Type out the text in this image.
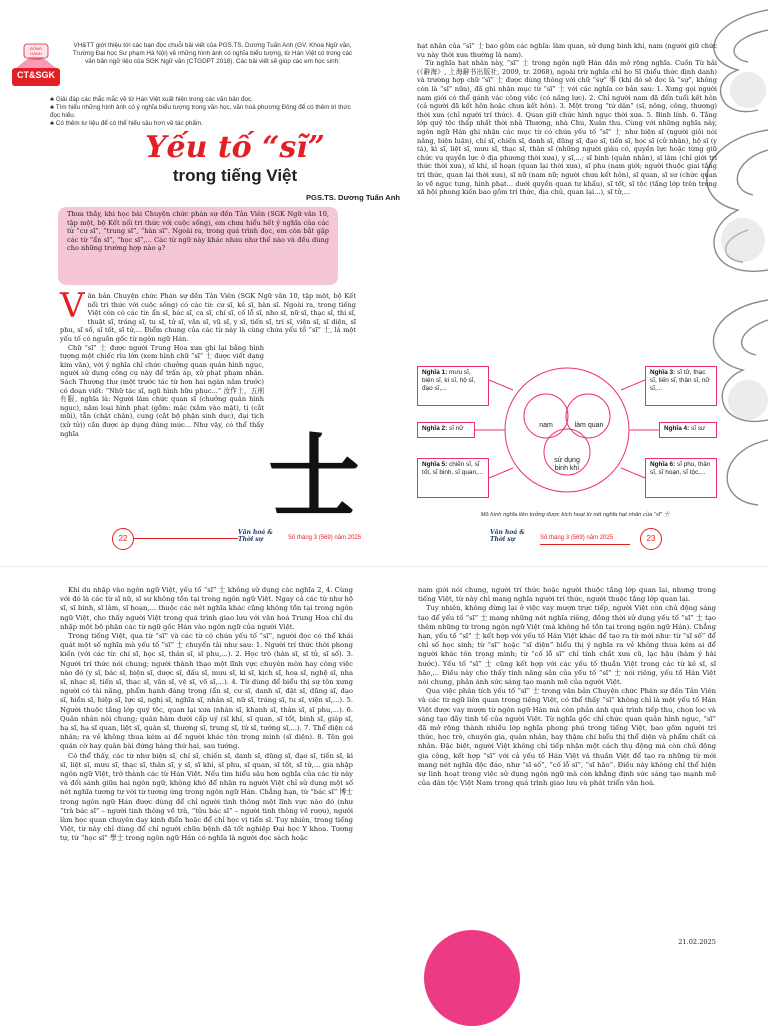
ĐỒNG HÀNH
CÙNG
CT&SGK
VH&TT giới thiệu tới các bạn đọc chuỗi bài viết của PGS.TS. Dương Tuấn Anh (GV. Khoa Ngữ văn, Trường Đại học Sư phạm Hà Nội) về những hình ảnh có nghĩa biểu tượng, từ Hán Việt có trong các văn bản ngữ liệu của SGK Ngữ văn (CTGDPT 2018). Các bài viết sẽ giúp các em học sinh:
♣ Giải đáp các thắc mắc về từ Hán Việt xuất hiện trong các văn bản đọc.
♣ Tìm hiểu những hình ảnh có ý nghĩa biểu tượng trong văn học, văn hoá phương Đông để có thêm tri thức đọc hiểu.
♣ Có thêm tư liệu để có thể hiểu sâu hơn về tác phẩm.
Yếu tố “sĩ”
trong tiếng Việt
PGS.TS. Dương Tuấn Anh
Thưa thầy, khi học bài Chuyện chức phán sự đền Tản Viên (SGK Ngữ văn 10, tập một, bộ Kết nối tri thức với cuộc sống), em chưa hiểu hết ý nghĩa của các từ “cư sĩ”, “trung sĩ”, “hàn sĩ”. Ngoài ra, trong quá trình đọc, em còn bắt gặp các từ “ẩn sĩ”, “học sĩ”,... Các từ ngữ này khác nhau như thế nào và đều dùng cho những trường hợp nào ạ?
V ăn bản Chuyện chức Phán sự đền Tản Viên (SGK Ngữ văn 10, tập một, bộ Kết nối tri thức với cuộc sống) có các từ: cư sĩ, kẻ sĩ, hàn sĩ. Ngoài ra, trong tiếng Việt còn có các từ: ẩn sĩ, bác sĩ, ca sĩ, chí sĩ, cố lỗ sĩ, nho sĩ, nữ sĩ, thạc sĩ, thi sĩ, thuật sĩ, tráng sĩ, tu sĩ, tử sĩ, văn sĩ, vũ sĩ, y sĩ, tiến sĩ, trí sĩ, viện sĩ, sĩ diện, sĩ phu, sĩ số, sĩ tốt, sĩ tử,... Điểm chung của các từ này là cùng chứa yếu tố “sĩ” 士, là một yếu tố có nguồn gốc từ ngôn ngữ Hán.

Chữ “sĩ” 士 được người Trung Hoa xưa ghi lại bằng hình tượng một chiếc rìu lớn (xem hình chữ “sĩ” 士 được viết dạng kim văn), với ý nghĩa chỉ chức chưởng quan quản hình ngục, người sử dụng công cụ này để trấn áp, xử phạt phạm nhân. Sách Thượng thư (một trước tác từ hơn hai ngàn năm trước) có đoạn viết: “Nhữ tác sĩ, ngũ hình hữu phục...” 汝作士，五刑有服, nghĩa là: Người làm chức quan sĩ (chưởng quản hình ngục), năm loại hình phạt (gồm: mặc (xăm vào mặt), tị (cắt mũi), tẫn (chặt chân), cung (cắt bộ phận sinh dục), đại tịch (xử tử)) cần được áp dụng đúng mức... Như vậy, có thể thấy nghĩa	士

hạt nhân của “sĩ” 士 bao gồm các nghĩa: làm quan, sử dụng binh khí, nam (người giữ chức vụ này thời xưa thường là nam).

Từ nghĩa hạt nhân này, “sĩ” 士 trong ngôn ngữ Hán dần mở rộng nghĩa. Cuốn Từ hải (《辭海》, 上海辭书出版社, 2009, tr. 2068), ngoài trừ nghĩa chỉ họ Sĩ (biểu thức định danh) và trường hợp chữ “sĩ” 士 được dùng thông với chữ “sự” 事 (khi đó sẽ đọc là “sự”, không còn là “sĩ” nữa), đã ghi nhận mục từ “sĩ” 士 với các nghĩa cơ bản sau: 1. Xưng gọi người nam giới có thể gánh vác công việc (có năng lực). 2. Chỉ người nam đã đến tuổi kết hôn (cả người đã kết hôn hoặc chưa kết hôn). 3. Một trong “tứ dân” (sĩ, nông, công, thương) thời xưa (chỉ người trí thức). 4. Quan giữ chức hình ngục thời xưa. 5. Binh lính. 6. Tầng lớp quý tộc thấp nhất thời nhà Thương, nhà Chu, Xuân thu. Cùng với những nghĩa này, ngôn ngữ Hán ghi nhận các mục từ có chứa yếu tố “sĩ” 士 như biện sĩ (người giỏi nói năng, biện luận), chí sĩ, chiến sĩ, danh sĩ, dũng sĩ, đạo sĩ, tiến sĩ, học sĩ (cử nhân), hộ sĩ (y tá), kì sĩ, liệt sĩ, mưu sĩ, thạc sĩ, thân sĩ (những người giàu có, quyền lực hoặc từng giữ chức vụ quyền lực ở địa phương thời xưa), y sĩ,...; sĩ binh (quân nhân), sĩ lâm (chỉ giới trí thức thời xưa), sĩ khí, sĩ hoạn (quan lại thời xưa), sĩ phu (nam giới; người thuộc giai tầng trí thức, quan lại thời xưa), sĩ nữ (nam nữ; người chưa kết hôn), sĩ quan, sĩ sư (chức quan lo về ngục tụng, hình phạt... dưới quyền quan tư khấu), sĩ tốt, sĩ tộc (tầng lớp trên trong xã hội phong kiến bao gồm trí thức, địa chủ, quan lại...), sĩ tử,...

Nghĩa 1: mưu sĩ, biện sĩ, kì sĩ, hộ sĩ, đạo sĩ,...
Nghĩa 2: sĩ nữ
Nghĩa 5: chiến sĩ, sĩ tốt, sĩ binh, sĩ quan,...
Nghĩa 3: sĩ tử, thạc sĩ, tiến sĩ, thân sĩ, nữ sĩ,...
Nghĩa 4: sĩ sư
Nghĩa 6: sĩ phu, thân sĩ, sĩ hoạn, sĩ tộc,...
nam	làm quan
sử dụng binh khí
Mô hình nghĩa liên tưởng được kích hoạt từ nét nghĩa hạt nhân của “sĩ” 士
22	Số tháng 3 (569) năm 2025
Văn hoá & Thời sự
Văn hoá & Thời sự	Số tháng 3 (569) năm 2025	23

Khi du nhập vào ngôn ngữ Việt, yếu tố “sĩ” 士 không sử dụng các nghĩa 2, 4. Cùng với đó là các từ sĩ nữ, sĩ sư không tồn tại trong ngôn ngữ Việt. Ngay cả các từ như hộ sĩ, sĩ binh, sĩ lâm, sĩ hoạn,... thuộc các nét nghĩa khác cũng không tồn tại trong ngôn ngữ Việt, cho thấy người Việt trong quá trình giao lưu với văn hoá Trung Hoa chỉ du nhập một bộ phận các từ ngữ gốc Hán vào ngôn ngữ của người Việt.

Trong tiếng Việt, qua từ “sĩ” và các từ có chứa yếu tố “sĩ”, người đọc có thể khái quát một số nghĩa mà yếu tố “sĩ” 士 chuyển tải như sau: 1. Người trí thức thời phong kiến (với các từ: chí sĩ, học sĩ, thân sĩ, sĩ phu,...). 2. Học trò (hàn sĩ, sĩ tử, sĩ số). 3. Người trí thức nói chung; người thành thạo một lĩnh vực chuyên môn hay công việc nào đó (y sĩ, bác sĩ, biện sĩ, dược sĩ, đấu sĩ, mưu sĩ, kì sĩ, kịch sĩ, hoạ sĩ, nghệ sĩ, nha sĩ, nhạc sĩ, tiến sĩ, thạc sĩ, văn sĩ, vệ sĩ, võ sĩ,...). 4. Từ dùng để biểu thị sự tôn xưng người có tài năng, phẩm hạnh đáng trọng (ẩn sĩ, cư sĩ, danh sĩ, đật sĩ, dũng sĩ, đạo sĩ, hiền sĩ, hiệp sĩ, lực sĩ, nghị sĩ, nghĩa sĩ, nhân sĩ, nữ sĩ, tráng sĩ, tu sĩ, viện sĩ,...). 5. Người thuộc tầng lớp quý tộc, quan lại xưa (nhân sĩ, khanh sĩ, thân sĩ, sĩ phu,...). 6. Quân nhân nói chung; quân hàm dưới cấp uý (sĩ khí, sĩ quan, sĩ tốt, binh sĩ, giáp sĩ, hạ sĩ, hạ sĩ quan, liệt sĩ, quân sĩ, thượng sĩ, trung sĩ, tử sĩ, tướng sĩ,...). 7. Thể diện cá nhân; ra vẻ không thua kém ai để người khác tôn trọng mình (sĩ diện). 8. Tên gọi quân cờ hay quân bài đứng hàng thứ hai, sau tướng.

Có thể thấy, các từ như biện sĩ, chí sĩ, chiến sĩ, danh sĩ, dũng sĩ, đạo sĩ, tiến sĩ, kì sĩ, liệt sĩ, mưu sĩ, thạc sĩ, thân sĩ, y sĩ, sĩ khí, sĩ phu, sĩ quan, sĩ tốt, sĩ tử,... gia nhập ngôn ngữ Việt, trở thành các từ Hán Việt. Nếu tìm hiểu sâu hơn nghĩa của các từ này và đối sánh giữa hai ngôn ngữ, không khó để nhận ra người Việt chỉ sử dụng một số nét nghĩa tương tự với từ tương ứng trong ngôn ngữ Hán. Chẳng hạn, từ “bác sĩ” 博士 trong ngôn ngữ Hán được dùng để chỉ người tinh thông một lĩnh vực nào đó (như “trà bác sĩ” – người tinh thông về trà, “tửu bác sĩ” – người tinh thông về rượu), người làm học quan chuyên dạy kinh điển hoặc để chỉ học vị tiến sĩ. Tuy nhiên, trong tiếng Việt, từ này chỉ dùng để chỉ người chữa bệnh đã tốt nghiệp Đại học Y khoa. Tương tự, từ “học sĩ” 學士 trong ngôn ngữ Hán có nghĩa là người đọc sách hoặc

nam giới nói chung, người trí thức hoặc người thuộc tầng lớp quan lại, nhưng trong tiếng Việt, từ này chỉ mang nghĩa người trí thức, người thuộc tầng lớp quan lại.

Tuy nhiên, không dừng lại ở việc vay mượn trực tiếp, người Việt còn chủ động sáng tạo để yếu tố “sĩ” 士 mang những nét nghĩa riêng, đồng thời sử dụng yếu tố “sĩ” 士 tạo thêm những từ trong ngôn ngữ Việt (mà không hề tồn tại trong ngôn ngữ Hán). Chẳng hạn, yếu tố “sĩ” 士 kết hợp với yếu tố Hán Việt khác để tạo ra từ mới như: từ “sĩ số” để chỉ số học sinh; từ “sĩ” hoặc “sĩ diện” biểu thị ý nghĩa ra vẻ không thua kém ai để người khác tôn trọng mình; từ “cố lỗ sĩ” chỉ tính chất xưa cũ, lạc hậu (hàm ý hài hước). Yếu tố “sĩ” 士 cũng kết hợp với các yếu tố thuần Việt trong các từ kẻ sĩ, sĩ hão,... Điều này cho thấy tính năng sản của yếu tố “sĩ” 士 nói riêng, yếu tố Hán Việt nói chung, phản ánh sức sáng tạo mạnh mẽ của người Việt.

Qua việc phân tích yếu tố “sĩ” 士 trong văn bản Chuyện chức Phán sự đền Tản Viên và các từ ngữ liên quan trong tiếng Việt, có thể thấy “sĩ” không chỉ là một yếu tố Hán Việt được vay mượn từ ngôn ngữ Hán mà còn phản ánh quá trình tiếp thu, chọn lọc và sáng tạo đầy tinh tế của người Việt. Từ nghĩa gốc chỉ chức quan quản hình ngục, “sĩ” đã mở rộng thành nhiều lớp nghĩa phong phú trong tiếng Việt, bao gồm người trí thức, học trò, chuyên gia, quân nhân, hay thậm chí biểu thị thể diện và phẩm chất cá nhân. Đặc biệt, người Việt không chỉ tiếp nhận một cách thụ động mà còn chủ động gia công, kết hợp “sĩ” với cả yếu tố Hán Việt và thuần Việt để tạo ra những từ mới mang nét nghĩa độc đáo, như “sĩ số”, “cố lỗ sĩ”, “sĩ hão”. Điều này không chỉ thể hiện sự linh hoạt trong việc sử dụng ngôn ngữ mà còn khẳng định sức sáng tạo mạnh mẽ của dân tộc Việt Nam trong quá trình giao lưu và phát triển văn hoá.

21.02.2025
